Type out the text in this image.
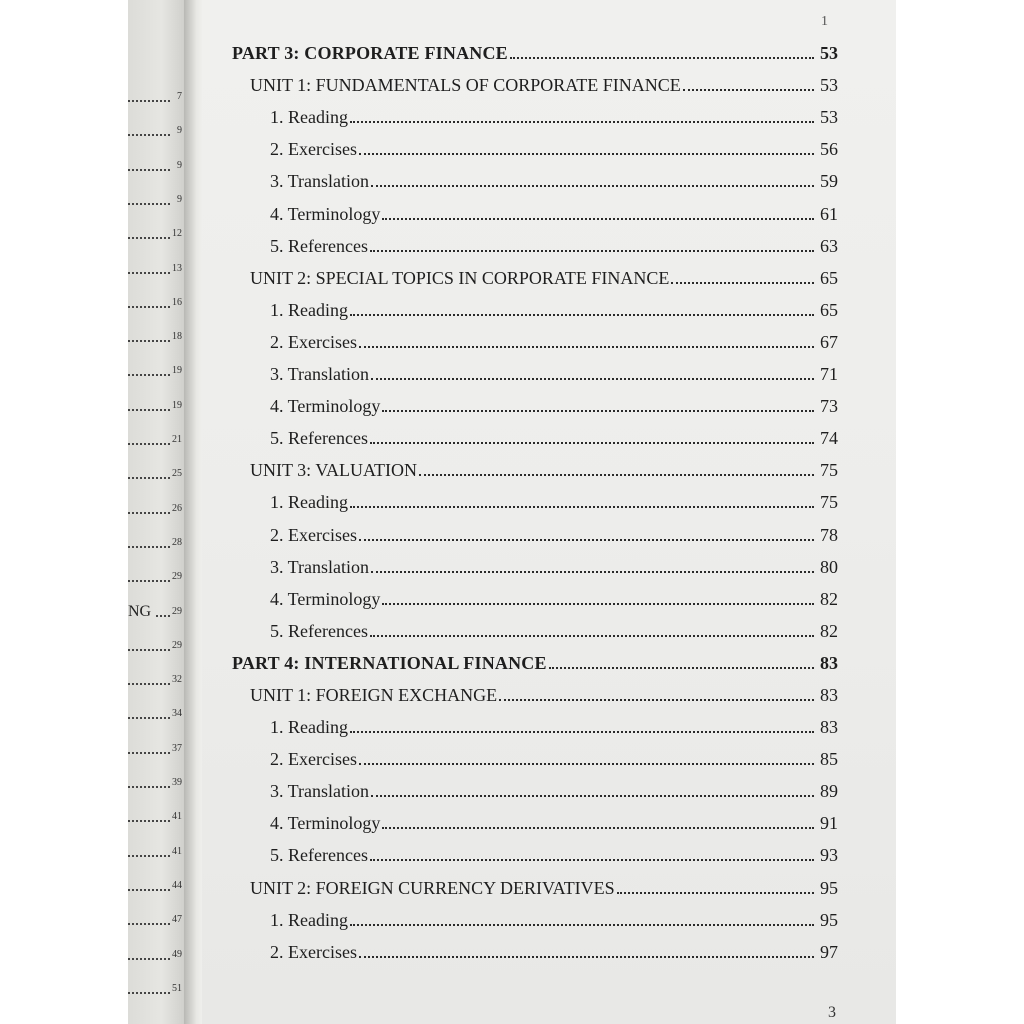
7
9
9
9
12
13
16
18
19
19
21
25
26
28
29
NG 29
29
32
34
37
39
41
41
44
47
49
51
1
PART 3: CORPORATE FINANCE	53
UNIT 1: FUNDAMENTALS OF CORPORATE FINANCE	53
1. Reading	53
2. Exercises	56
3. Translation	59
4. Terminology	61
5. References	63
UNIT 2: SPECIAL TOPICS IN CORPORATE FINANCE	65
1. Reading	65
2. Exercises	67
3. Translation	71
4. Terminology	73
5. References	74
UNIT 3: VALUATION	75
1. Reading	75
2. Exercises	78
3. Translation	80
4. Terminology	82
5. References	82
PART 4: INTERNATIONAL FINANCE	83
UNIT 1: FOREIGN EXCHANGE	83
1. Reading	83
2. Exercises	85
3. Translation	89
4. Terminology	91
5. References	93
UNIT 2: FOREIGN CURRENCY DERIVATIVES	95
1. Reading	95
2. Exercises	97
3
